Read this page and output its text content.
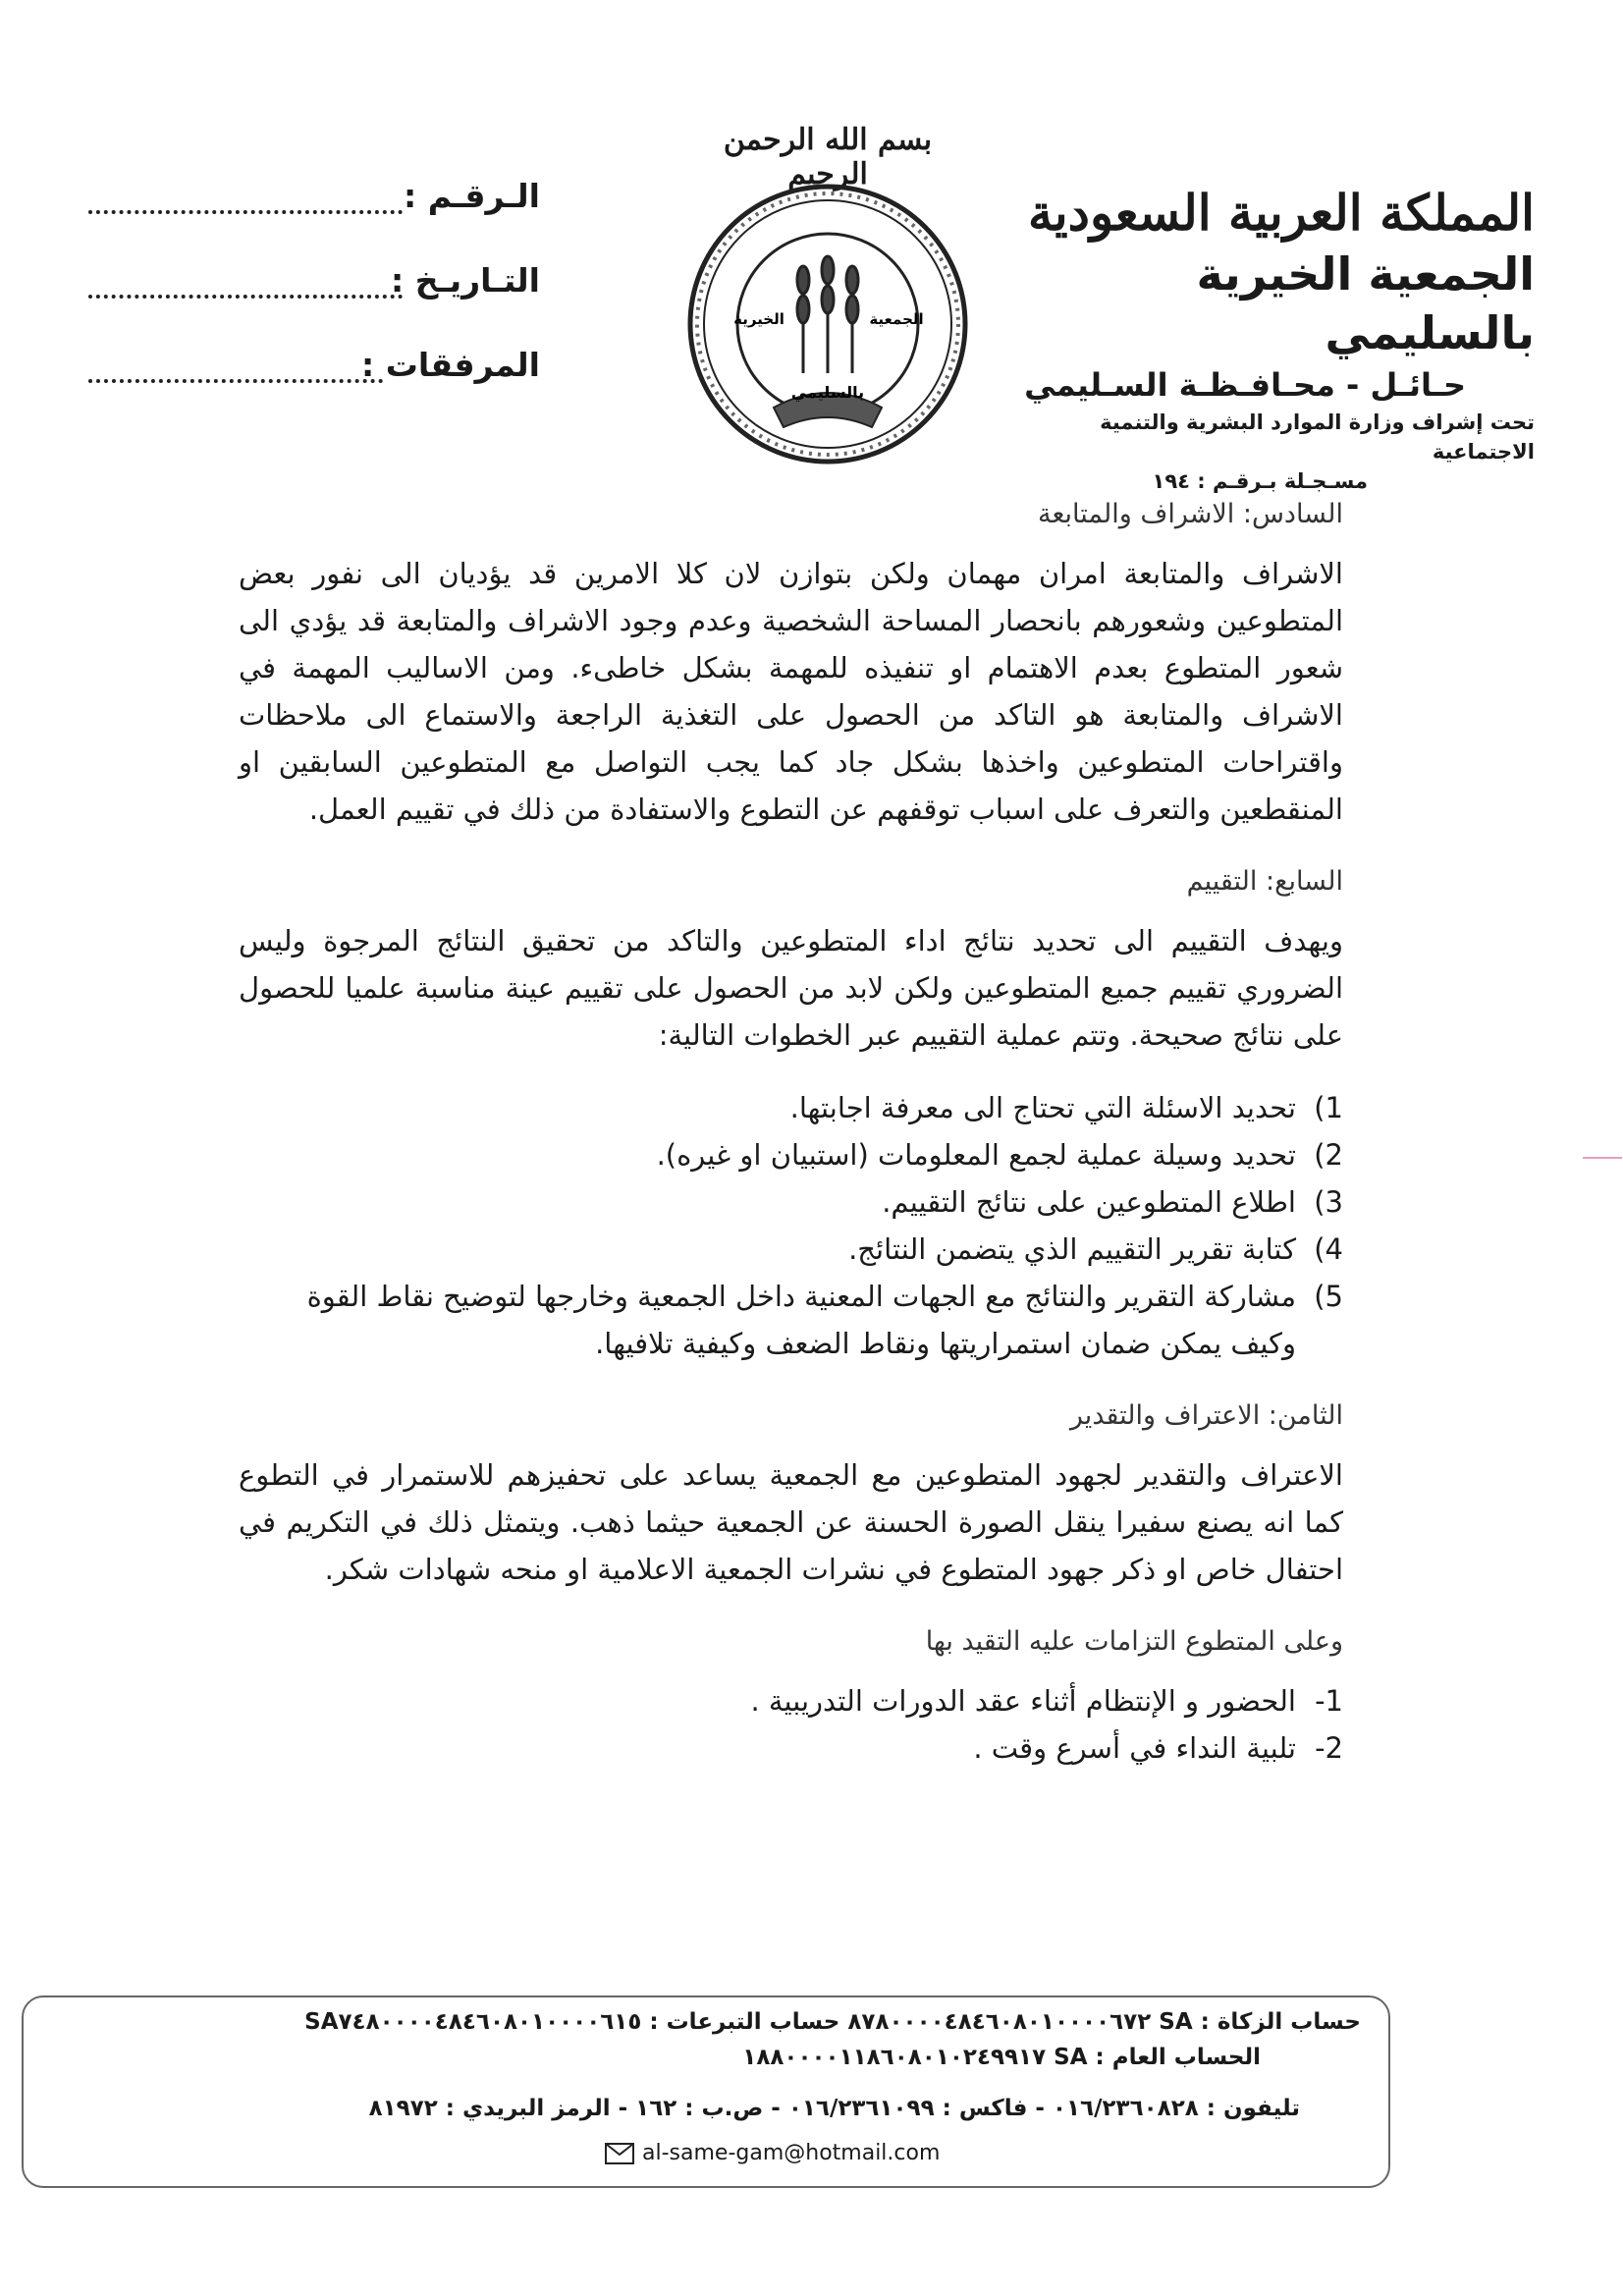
المملكة العربية السعودية
الجمعية الخيرية بالسليمي
حـائـل - محـافـظـة السـليمي
تحت إشراف وزارة الموارد البشرية والتنمية الاجتماعية
مسـجـلة بـرقـم : ١٩٤
بسم الله الرحمن الرحيم
بالسليمي
الخيرية	الجمعية
الـرقـم :
التـاريـخ :
المرفقات :
السادس: الاشراف والمتابعة
الاشراف والمتابعة امران مهمان ولكن بتوازن لان كلا الامرين قد يؤديان الى نفور بعض المتطوعين وشعورهم بانحصار المساحة الشخصية وعدم وجود الاشراف والمتابعة قد يؤدي الى شعور المتطوع بعدم الاهتمام او تنفيذه للمهمة بشكل خاطىء. ومن الاساليب المهمة في الاشراف والمتابعة هو التاكد من الحصول على التغذية الراجعة والاستماع الى ملاحظات واقتراحات المتطوعين واخذها بشكل جاد كما يجب التواصل مع المتطوعين السابقين او المنقطعين والتعرف على اسباب توقفهم عن التطوع والاستفادة من ذلك في تقييم العمل.
السابع: التقييم
ويهدف التقييم الى تحديد نتائج اداء المتطوعين والتاكد من تحقيق النتائج المرجوة وليس الضروري تقييم جميع المتطوعين ولكن لابد من الحصول على تقييم عينة مناسبة علميا للحصول على نتائج صحيحة. وتتم عملية التقييم عبر الخطوات التالية:
1)
تحديد الاسئلة التي تحتاج الى معرفة اجابتها.
2)
تحديد وسيلة عملية لجمع المعلومات (استبيان او غيره).
3)
اطلاع المتطوعين على نتائج التقييم.
4)
كتابة تقرير التقييم الذي يتضمن النتائج.
5)
مشاركة التقرير والنتائج مع الجهات المعنية داخل الجمعية وخارجها لتوضيح نقاط القوة وكيف يمكن ضمان استمراريتها ونقاط الضعف وكيفية تلافيها.
الثامن: الاعتراف والتقدير
الاعتراف والتقدير لجهود المتطوعين مع الجمعية يساعد على تحفيزهم للاستمرار في التطوع كما انه يصنع سفيرا ينقل الصورة الحسنة عن الجمعية حيثما ذهب. ويتمثل ذلك في التكريم في احتفال خاص او ذكر جهود المتطوع في نشرات الجمعية الاعلامية او منحه شهادات شكر.
وعلى المتطوع التزامات عليه التقيد بها
1-
الحضور و الإنتظام أثناء عقد الدورات التدريبية .
2-
تلبية النداء في أسرع وقت .
حساب الزكاة : SA ٨٧٨٠٠٠٠٤٨٤٦٠٨٠١٠٠٠٠٦٧٢ حساب التبرعات : SA٧٤٨٠٠٠٠٤٨٤٦٠٨٠١٠٠٠٠٦١٥
الحساب العام : SA ١٨٨٠٠٠٠١١٨٦٠٨٠١٠٢٤٩٩١٧
تليفون : ٠١٦/٢٣٦٠٨٢٨ - فاكس : ٠١٦/٢٣٦١٠٩٩ - ص.ب : ١٦٢ - الرمز البريدي : ٨١٩٧٢
al-same-gam@hotmail.com
